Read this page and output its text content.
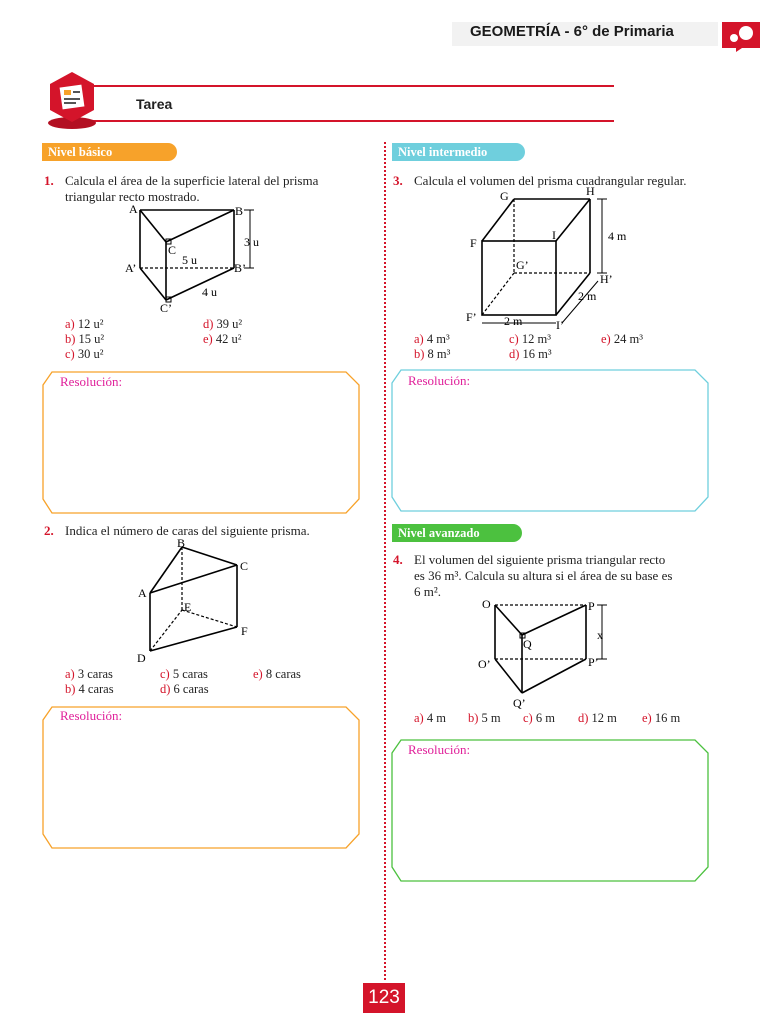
GEOMETRÍA - 6° de Primaria
Tarea
Nivel básico
1. Calcula el área de la superficie lateral del prisma
triangular recto mostrado.
A	B
C
A’	B’
C’
3 u
5 u
4 u
a) 12 u²
b) 15 u²
c) 30 u²
d) 39 u²
e) 42 u²
Resolución:
2. Indica el número de caras del siguiente prisma.
B
C
A
E
F
D
a) 3 caras
b) 4 caras
c) 5 caras
d) 6 caras
e) 8 caras
Resolución:
Nivel intermedio
3. Calcula el volumen del prisma cuadrangular regular.
G	H
F
I
G’
H’
F’
I’
4 m
2 m
2 m
a) 4 m³
b) 8 m³
c) 12 m³
d) 16 m³
e) 24 m³
Resolución:
Nivel avanzado
4. El volumen del siguiente prisma triangular recto
es 36 m³. Calcula su altura si el área de su base es
6 m².
O	P
Q
O’	P’
Q’
x
a) 4 m b) 5 m c) 6 m d) 12 m e) 16 m
Resolución:
123
